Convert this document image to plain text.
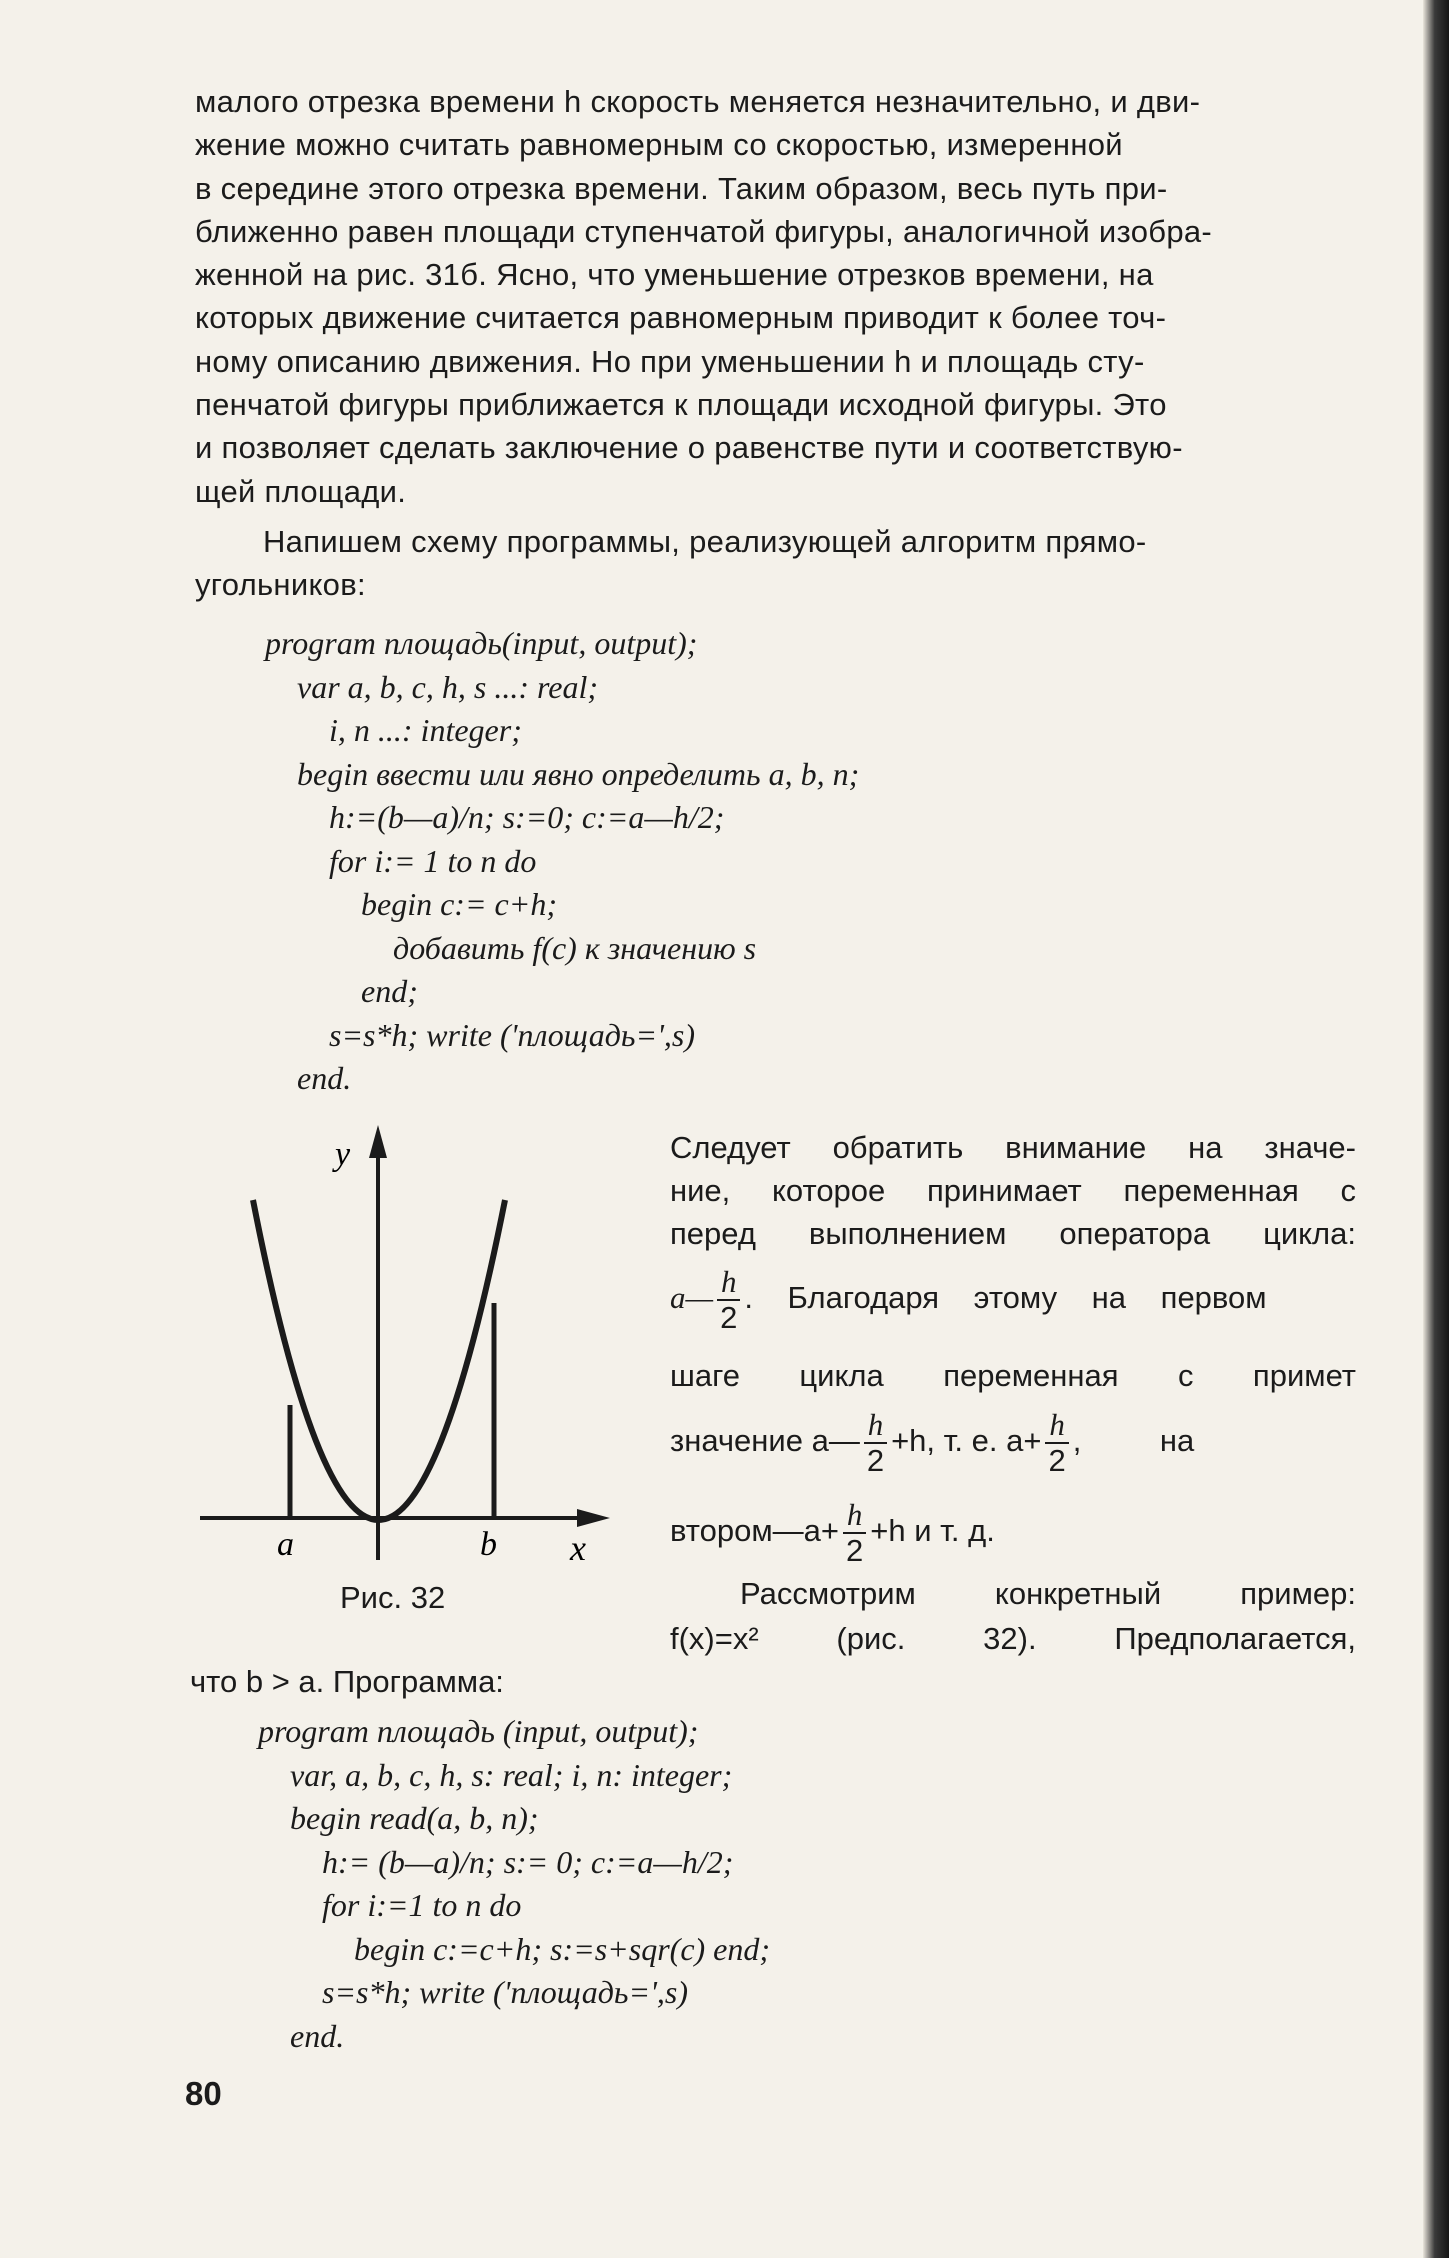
малого отрезка времени h скорость меняется незначительно, и дви-
жение можно считать равномерным со скоростью, измеренной
в середине этого отрезка времени. Таким образом, весь путь при-
ближенно равен площади ступенчатой фигуры, аналогичной изобра-
женной на рис. 31б. Ясно, что уменьшение отрезков времени, на
которых движение считается равномерным приводит к более точ-
ному описанию движения. Но при уменьшении h и площадь сту-
пенчатой фигуры приближается к площади исходной фигуры. Это
и позволяет сделать заключение о равенстве пути и соответствую-
щей площади.
Напишем схему программы, реализующей алгоритм прямо-
угольников:
program площадь(input, output);
var a, b, c, h, s ...: real;
i, n ...: integer;
begin ввести или явно определить a, b, n;
h:=(b—a)/n; s:=0; c:=a—h/2;
for i:= 1 to n do
begin c:= c+h;
добавить f(c) к значению s
end;
s=s*h; write ('площадь=',s)
end.
y
x
a	b
Рис. 32
Следует обратить внимание на значе-
ние, которое принимает переменная c
перед выполнением оператора цикла:
a— $\frac{h}{2}$ . Благодаря этому на первом
шаге цикла переменная c примет
значение a— $\frac{h}{2} +h$, т. е. $a+ \frac{h}{2}$ , на
втором—a+ $\frac{h}{2} +h$ и т. д.
Рассмотрим конкретный пример:
f(x)=x² (рис. 32). Предполагается,
что b > a. Программа:
program площадь (input, output);
var, a, b, c, h, s: real; i, n: integer;
begin read(a, b, n);
h:= (b—a)/n; s:= 0; c:=a—h/2;
for i:=1 to n do
begin c:=c+h; s:=s+sqr(c) end;
s=s*h; write ('площадь=',s)
end.
80
